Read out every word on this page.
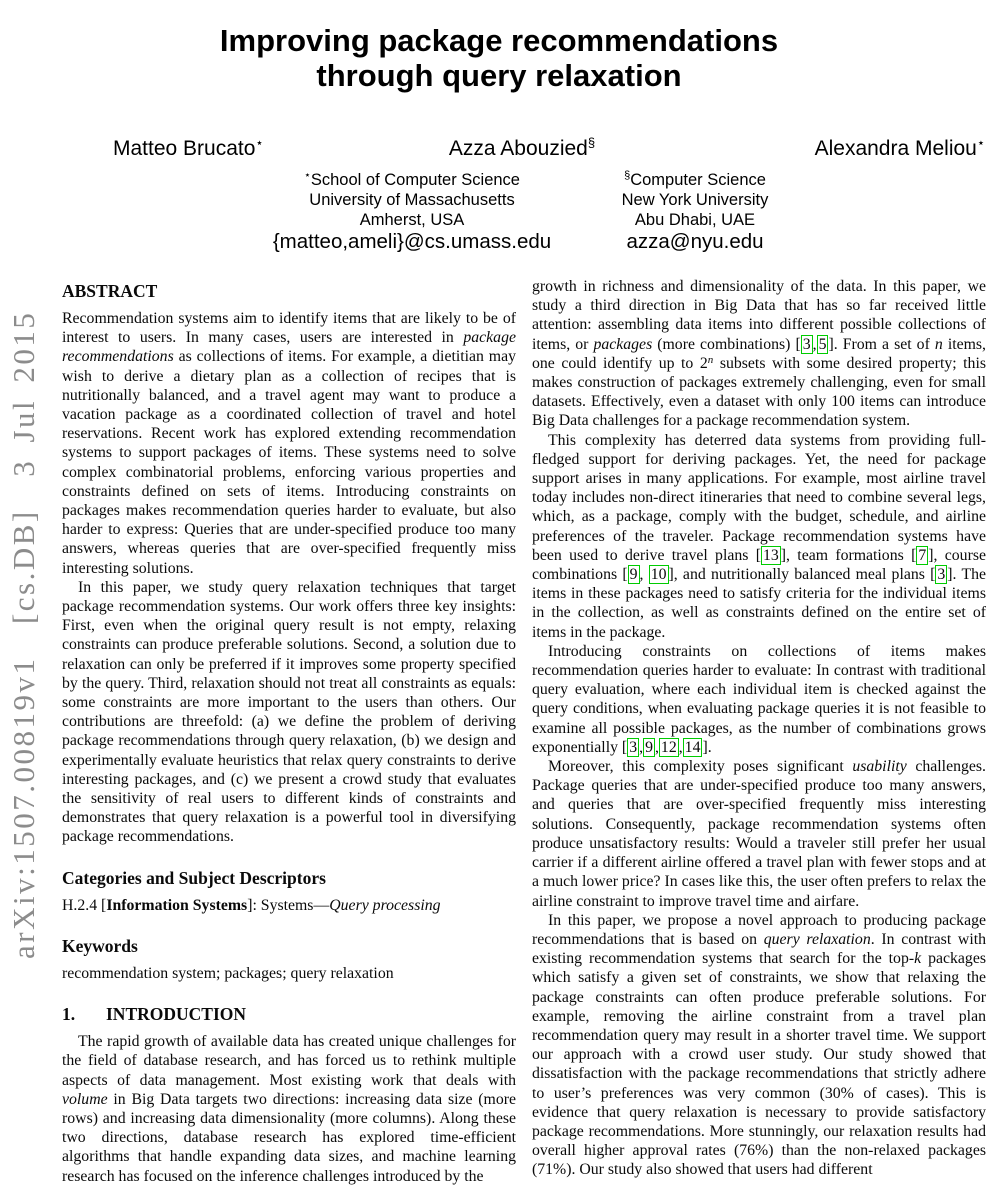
arXiv:1507.00819v1  [cs.DB]  3 Jul 2015
Improving package recommendations
through query relaxation
Matteo Brucato⋆	Azza Abouzied§	Alexandra Meliou⋆
⋆School of Computer Science
University of Massachusetts
Amherst, USA
{matteo,ameli}@cs.umass.edu
§Computer Science
New York University
Abu Dhabi, UAE
azza@nyu.edu
ABSTRACT

Recommendation systems aim to identify items that are likely to be of interest to users. In many cases, users are interested in package recommendations as collections of items. For example, a dietitian may wish to derive a dietary plan as a collection of recipes that is nutritionally balanced, and a travel agent may want to produce a vacation package as a coordinated collection of travel and hotel reservations. Recent work has explored extending recommendation systems to support packages of items. These systems need to solve complex combinatorial problems, enforcing various properties and constraints defined on sets of items. Introducing constraints on packages makes recommendation queries harder to evaluate, but also harder to express: Queries that are under-specified produce too many answers, whereas queries that are over-specified frequently miss interesting solutions.

In this paper, we study query relaxation techniques that target package recommendation systems. Our work offers three key insights: First, even when the original query result is not empty, relaxing constraints can produce preferable solutions. Second, a solution due to relaxation can only be preferred if it improves some property specified by the query. Third, relaxation should not treat all constraints as equals: some constraints are more important to the users than others. Our contributions are threefold: (a) we define the problem of deriving package recommendations through query relaxation, (b) we design and experimentally evaluate heuristics that relax query constraints to derive interesting packages, and (c) we present a crowd study that evaluates the sensitivity of real users to different kinds of constraints and demonstrates that query relaxation is a powerful tool in diversifying package recommendations.

Categories and Subject Descriptors

H.2.4 [Information Systems]: Systems—Query processing

Keywords

recommendation system; packages; query relaxation

1. INTRODUCTION

The rapid growth of available data has created unique challenges for the field of database research, and has forced us to rethink multiple aspects of data management. Most existing work that deals with volume in Big Data targets two directions: increasing data size (more rows) and increasing data dimensionality (more columns). Along these two directions, database research has explored time-efficient algorithms that handle expanding data sizes, and machine learning research has focused on the inference challenges introduced by the

growth in richness and dimensionality of the data. In this paper, we study a third direction in Big Data that has so far received little attention: assembling data items into different possible collections of items, or packages (more combinations) [ 3 , 5 ]. From a set of n items, one could identify up to 2$^n$ subsets with some desired property; this makes construction of packages extremely challenging, even for small datasets. Effectively, even a dataset with only 100 items can introduce Big Data challenges for a package recommendation system.

This complexity has deterred data systems from providing full-fledged support for deriving packages. Yet, the need for package support arises in many applications. For example, most airline travel today includes non-direct itineraries that need to combine several legs, which, as a package, comply with the budget, schedule, and airline preferences of the traveler. Package recommendation systems have been used to derive travel plans [ 13 ], team formations [ 7 ], course combinations [ 9 , 10 ], and nutritionally balanced meal plans [ 3 ]. The items in these packages need to satisfy criteria for the individual items in the collection, as well as constraints defined on the entire set of items in the package.

Introducing constraints on collections of items makes recommendation queries harder to evaluate: In contrast with traditional query evaluation, where each individual item is checked against the query conditions, when evaluating package queries it is not feasible to examine all possible packages, as the number of combinations grows exponentially [ 3 , 9 , 12 , 14 ].

Moreover, this complexity poses significant usability challenges. Package queries that are under-specified produce too many answers, and queries that are over-specified frequently miss interesting solutions. Consequently, package recommendation systems often produce unsatisfactory results: Would a traveler still prefer her usual carrier if a different airline offered a travel plan with fewer stops and at a much lower price? In cases like this, the user often prefers to relax the airline constraint to improve travel time and airfare.

In this paper, we propose a novel approach to producing package recommendations that is based on query relaxation. In contrast with existing recommendation systems that search for the top-k packages which satisfy a given set of constraints, we show that relaxing the package constraints can often produce preferable solutions. For example, removing the airline constraint from a travel plan recommendation query may result in a shorter travel time. We support our approach with a crowd user study. Our study showed that dissatisfaction with the package recommendations that strictly adhere to user’s preferences was very common (30% of cases). This is evidence that query relaxation is necessary to provide satisfactory package recommendations. More stunningly, our relaxation results had overall higher approval rates (76%) than the non-relaxed packages (71%). Our study also showed that users had different
